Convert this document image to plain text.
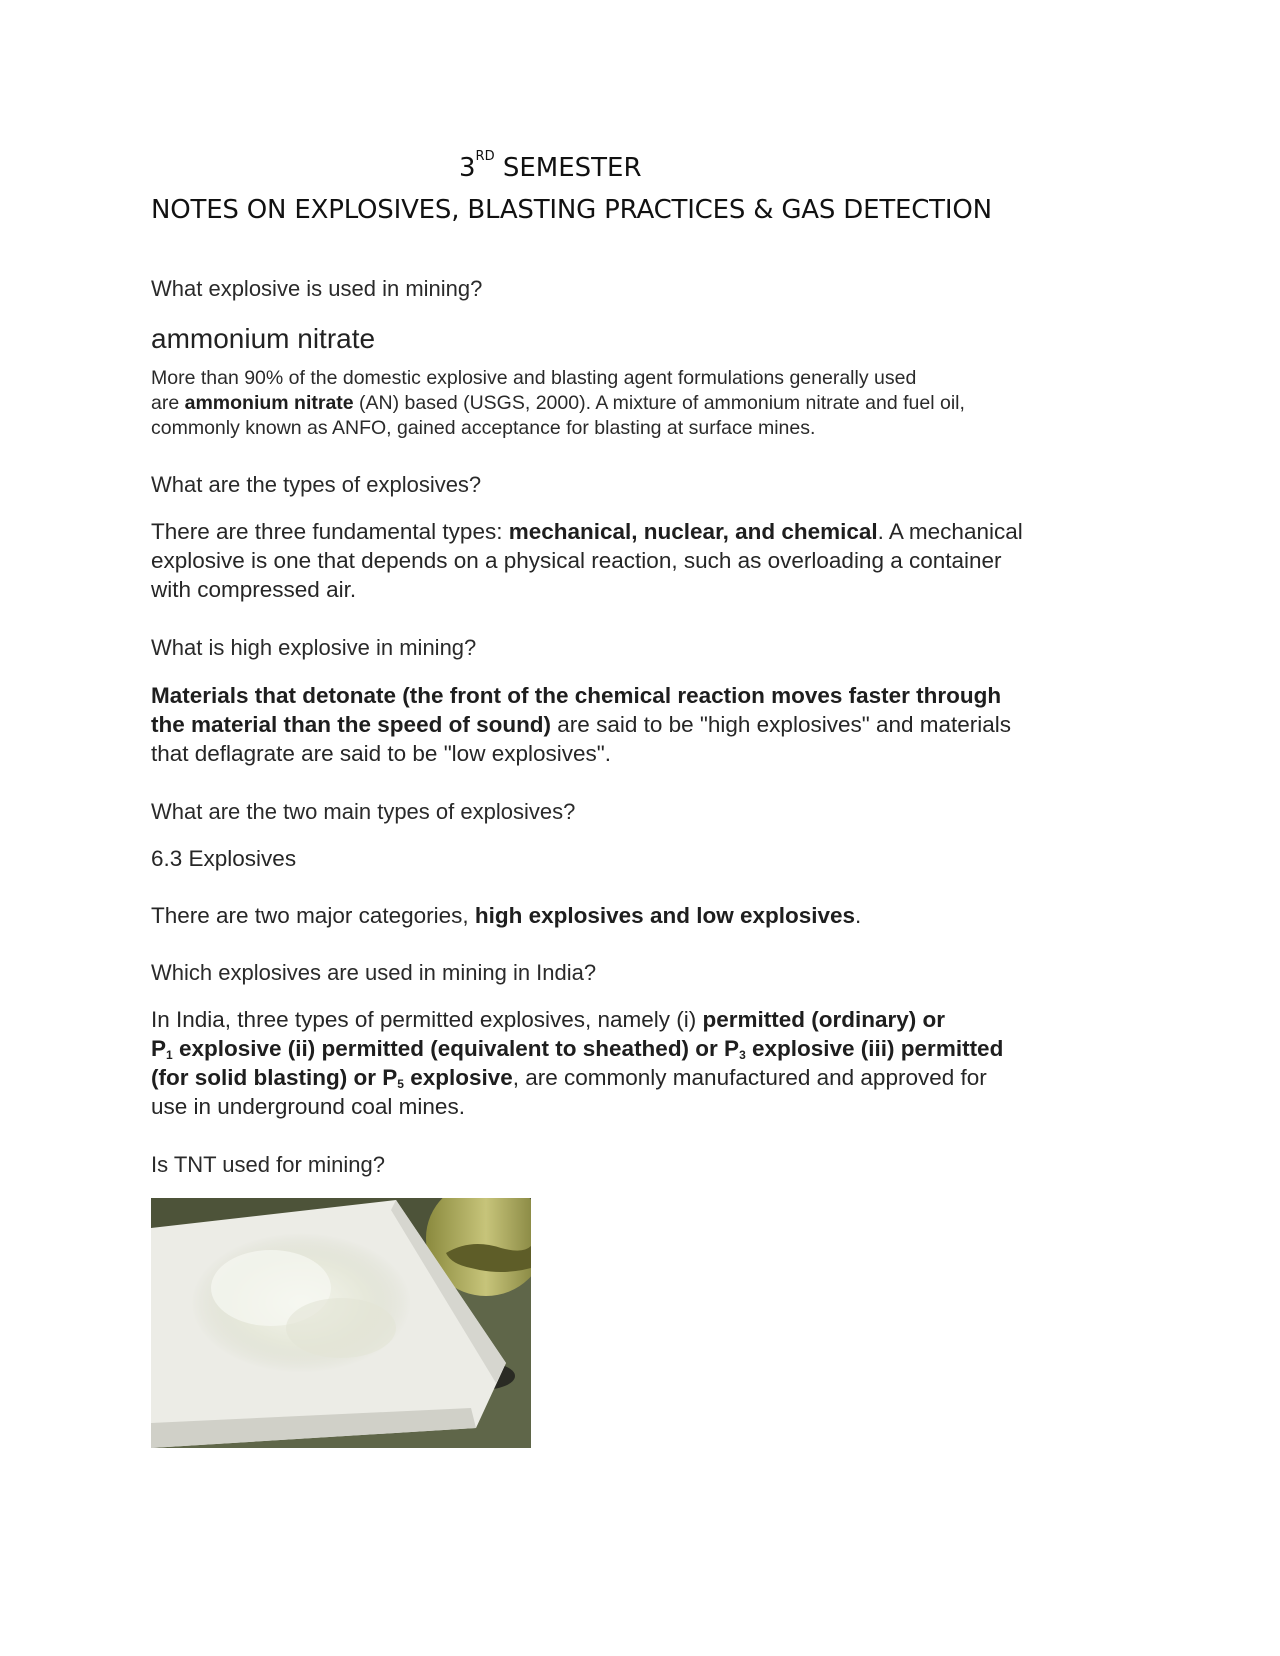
3RD SEMESTER

NOTES ON EXPLOSIVES, BLASTING PRACTICES & GAS DETECTION

What explosive is used in mining?

ammonium nitrate

More than 90% of the domestic explosive and blasting agent formulations generally used

are ammonium nitrate (AN) based (USGS, 2000). A mixture of ammonium nitrate and fuel oil,

commonly known as ANFO, gained acceptance for blasting at surface mines.

What are the types of explosives?

There are three fundamental types: mechanical, nuclear, and chemical. A mechanical

explosive is one that depends on a physical reaction, such as overloading a container

with compressed air.

What is high explosive in mining?

Materials that detonate (the front of the chemical reaction moves faster through

the material than the speed of sound) are said to be "high explosives" and materials

that deflagrate are said to be "low explosives".

What are the two main types of explosives?

6.3 Explosives

There are two major categories, high explosives and low explosives.

Which explosives are used in mining in India?

In India, three types of permitted explosives, namely (i) permitted (ordinary) or

$P_1$ explosive (ii) permitted (equivalent to sheathed) or $P_3$ explosive (iii) permitted

(for solid blasting) or $P_5$ explosive, are commonly manufactured and approved for

use in underground coal mines.

Is TNT used for mining?
